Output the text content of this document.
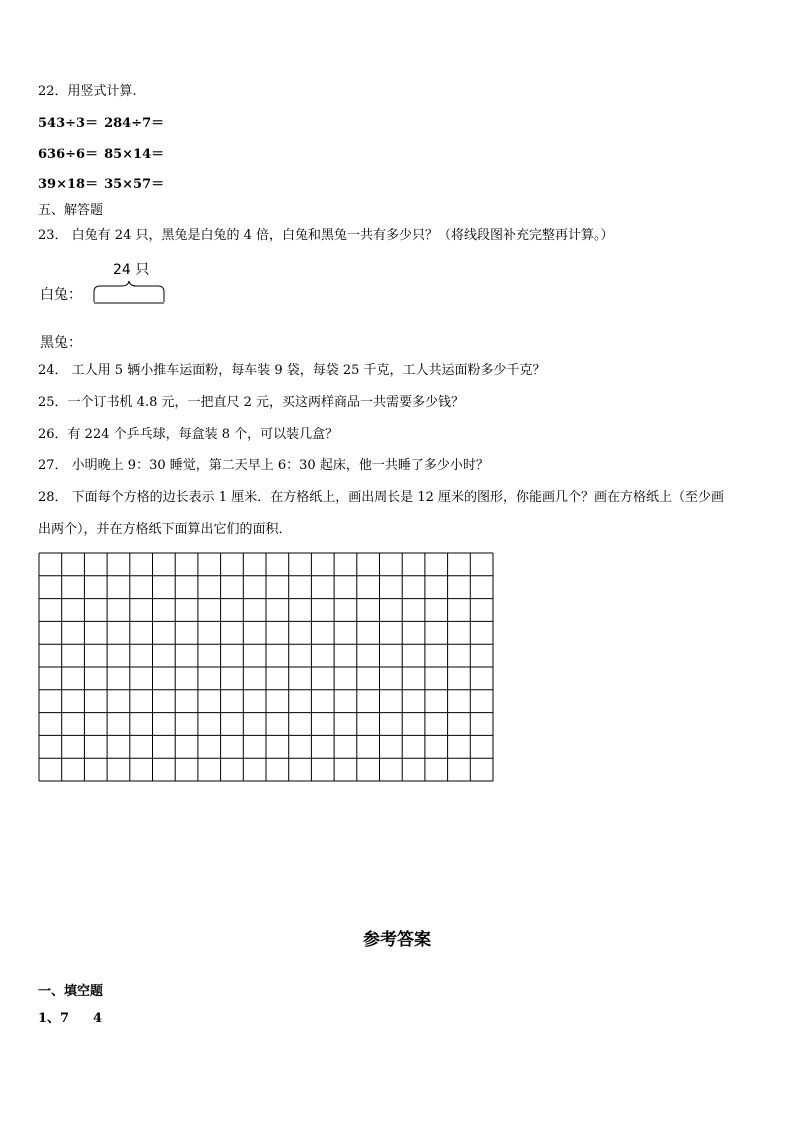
22．用竖式计算.
543÷3＝ 284÷7＝
636÷6＝ 85×14＝
39×18＝ 35×57＝
五、解答题
23． 白兔有 24 只，黑兔是白兔的 4 倍，白兔和黑兔一共有多少只？（将线段图补充完整再计算。）
24 只
白兔：
黑兔：
24． 工人用 5 辆小推车运面粉，每车装 9 袋，每袋 25 千克，工人共运面粉多少千克？
25．一个订书机 4.8 元，一把直尺 2 元，买这两样商品一共需要多少钱？
26．有 224 个乒乓球，每盒装 8 个，可以装几盒？
27． 小明晚上 9：30 睡觉，第二天早上 6：30 起床，他一共睡了多少小时？
28． 下面每个方格的边长表示 1 厘米．在方格纸上，画出周长是 12 厘米的图形，你能画几个？画在方格纸上（至少画
出两个），并在方格纸下面算出它们的面积．
参考答案
一、填空题
1、7 4
